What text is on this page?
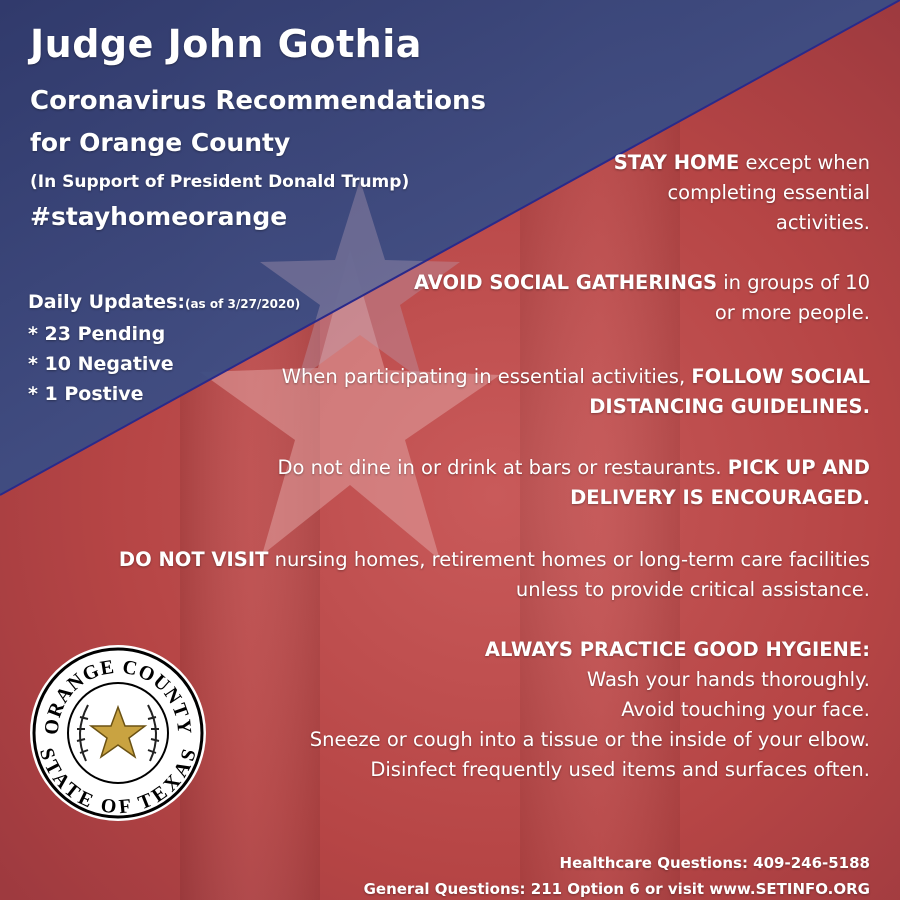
Judge John Gothia
Coronavirus Recommendations
for Orange County
(In Support of President Donald Trump)
#stayhomeorange
Daily Updates:(as of 3/27/2020)
* 23 Pending
* 10 Negative
* 1 Postive
STAY HOME except when completing essential activities.
AVOID SOCIAL GATHERINGS in groups of 10 or more people.
When participating in essential activities, FOLLOW SOCIAL DISTANCING GUIDELINES.
Do not dine in or drink at bars or restaurants. PICK UP AND DELIVERY IS ENCOURAGED.
DO NOT VISIT nursing homes, retirement homes or long-term care facilities unless to provide critical assistance.
ALWAYS PRACTICE GOOD HYGIENE:
Wash your hands thoroughly.
Avoid touching your face.
Sneeze or cough into a tissue or the inside of your elbow.
Disinfect frequently used items and surfaces often.
Healthcare Questions: 409-246-5188
General Questions: 211 Option 6 or visit www.SETINFO.ORG
ORANGE COUNTY
STATE OF TEXAS
